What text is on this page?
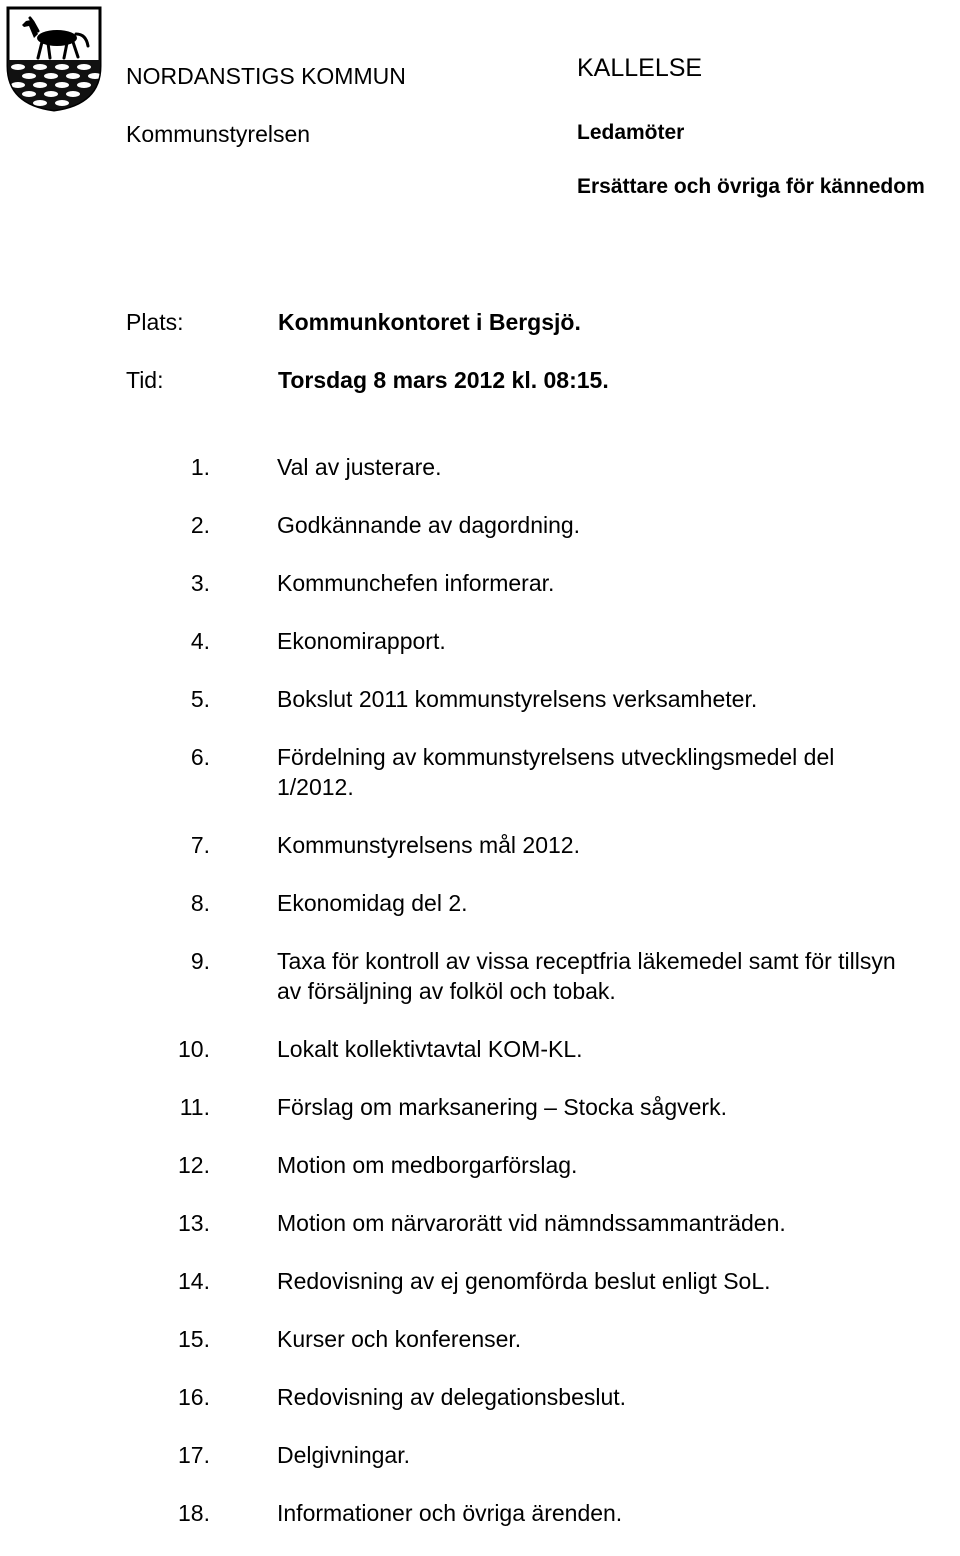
NORDANSTIGS KOMMUN
Kommunstyrelsen
KALLELSE
Ledamöter
Ersättare och övriga för kännedom
Plats:	Kommunkontoret i Bergsjö.
Tid:	Torsdag 8 mars 2012 kl. 08:15.
1.	Val av justerare.
2.	Godkännande av dagordning.
3.	Kommunchefen informerar.
4.	Ekonomirapport.
5.	Bokslut 2011 kommunstyrelsens verksamheter.
6.	Fördelning av kommunstyrelsens utvecklingsmedel del 1/2012.
7.	Kommunstyrelsens mål 2012.
8.	Ekonomidag del 2.
9.	Taxa för kontroll av vissa receptfria läkemedel samt för tillsyn av försäljning av folköl och tobak.
10.	Lokalt kollektivtavtal KOM-KL.
11.	Förslag om marksanering – Stocka sågverk.
12.	Motion om medborgarförslag.
13.	Motion om närvarorätt vid nämndssammanträden.
14.	Redovisning av ej genomförda beslut enligt SoL.
15.	Kurser och konferenser.
16.	Redovisning av delegationsbeslut.
17.	Delgivningar.
18.	Informationer och övriga ärenden.
